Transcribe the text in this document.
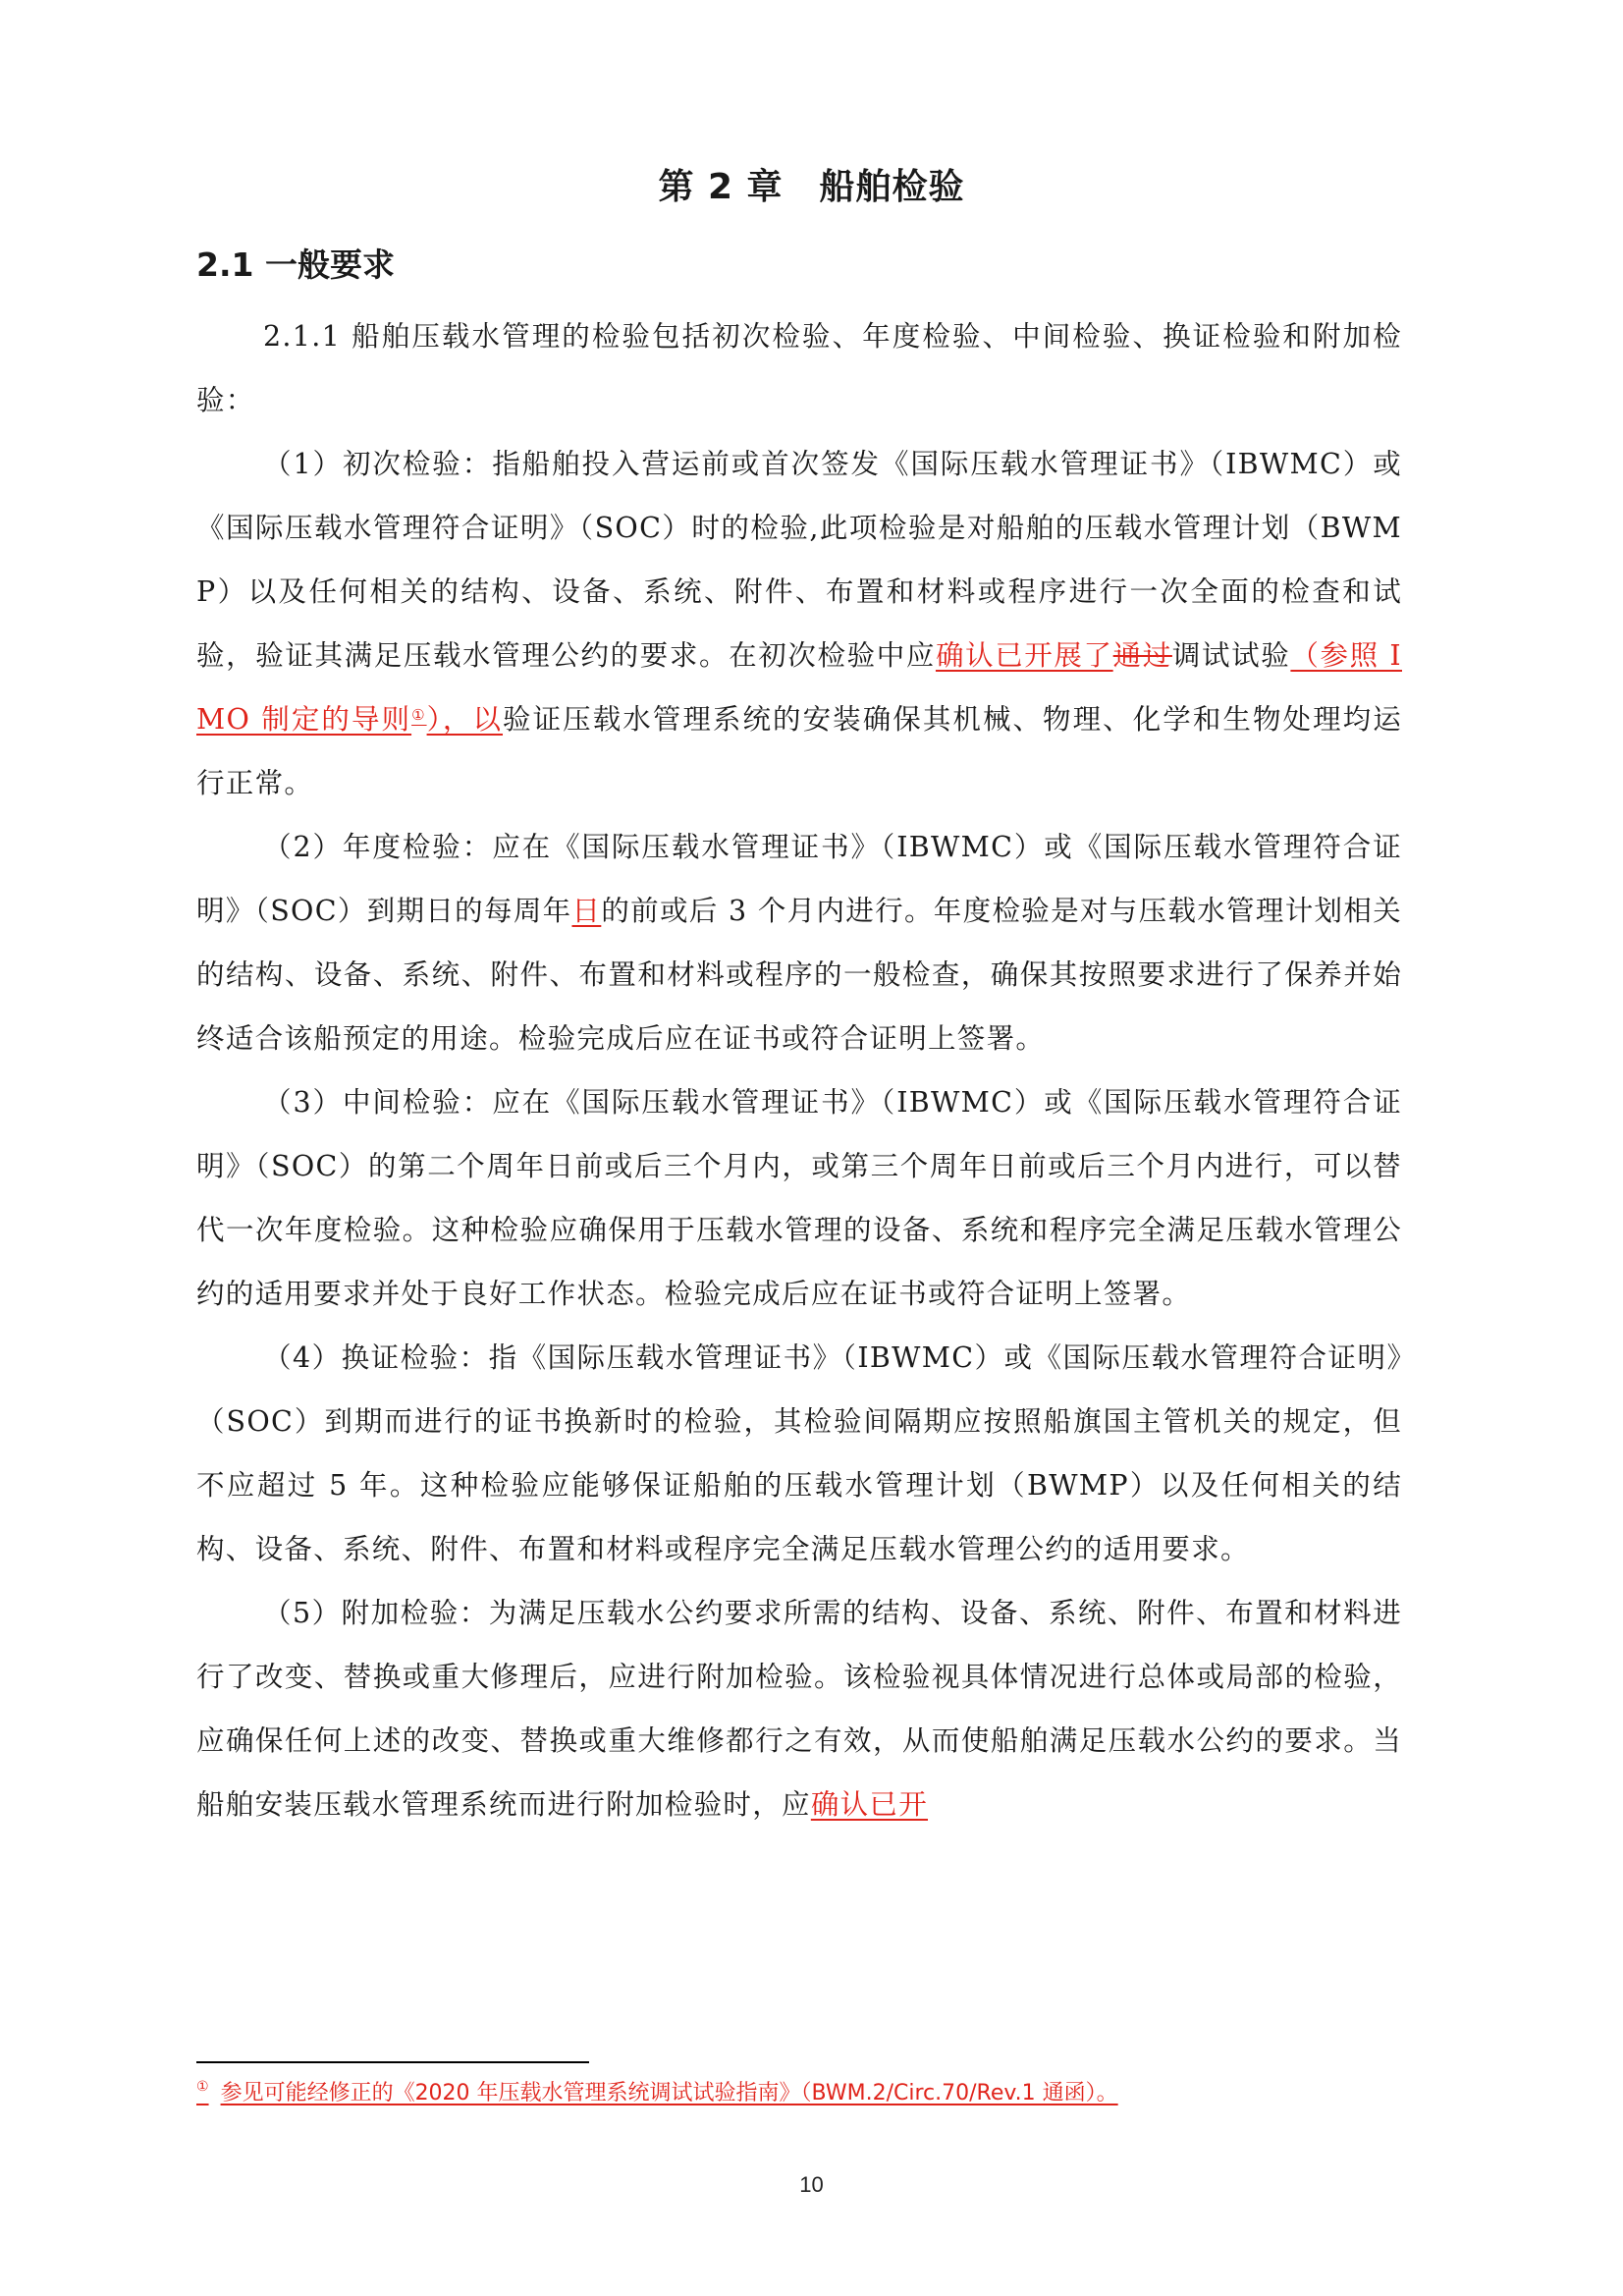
第 2 章　船舶检验
2.1 一般要求

2.1.1 船舶压载水管理的检验包括初次检验、年度检验、中间检验、换证检验和附加检验：

（1）初次检验：指船舶投入营运前或首次签发《国际压载水管理证书》（IBWMC）或《国际压载水管理符合证明》（SOC）时的检验,此项检验是对船舶的压载水管理计划（BWMP）以及任何相关的结构、设备、系统、附件、布置和材料或程序进行一次全面的检查和试验，验证其满足压载水管理公约的要求。在初次检验中应确认已开展了通过调试试验（参照 IMO 制定的导则①），以验证压载水管理系统的安装确保其机械、物理、化学和生物处理均运行正常。

（2）年度检验：应在《国际压载水管理证书》（IBWMC）或《国际压载水管理符合证明》（SOC）到期日的每周年日的前或后 3 个月内进行。年度检验是对与压载水管理计划相关的结构、设备、系统、附件、布置和材料或程序的一般检查，确保其按照要求进行了保养并始终适合该船预定的用途。检验完成后应在证书或符合证明上签署。

（3）中间检验：应在《国际压载水管理证书》（IBWMC）或《国际压载水管理符合证明》（SOC）的第二个周年日前或后三个月内，或第三个周年日前或后三个月内进行，可以替代一次年度检验。这种检验应确保用于压载水管理的设备、系统和程序完全满足压载水管理公约的适用要求并处于良好工作状态。检验完成后应在证书或符合证明上签署。

（4）换证检验：指《国际压载水管理证书》（IBWMC）或《国际压载水管理符合证明》（SOC）到期而进行的证书换新时的检验，其检验间隔期应按照船旗国主管机关的规定，但不应超过 5 年。这种检验应能够保证船舶的压载水管理计划（BWMP）以及任何相关的结构、设备、系统、附件、布置和材料或程序完全满足压载水管理公约的适用要求。

（5）附加检验：为满足压载水公约要求所需的结构、设备、系统、附件、布置和材料进行了改变、替换或重大修理后，应进行附加检验。该检验视具体情况进行总体或局部的检验，应确保任何上述的改变、替换或重大维修都行之有效，从而使船舶满足压载水公约的要求。当船舶安装压载水管理系统而进行附加检验时，应确认已开

① 参见可能经修正的《2020 年压载水管理系统调试试验指南》（BWM.2/Circ.70/Rev.1 通函）。

10
